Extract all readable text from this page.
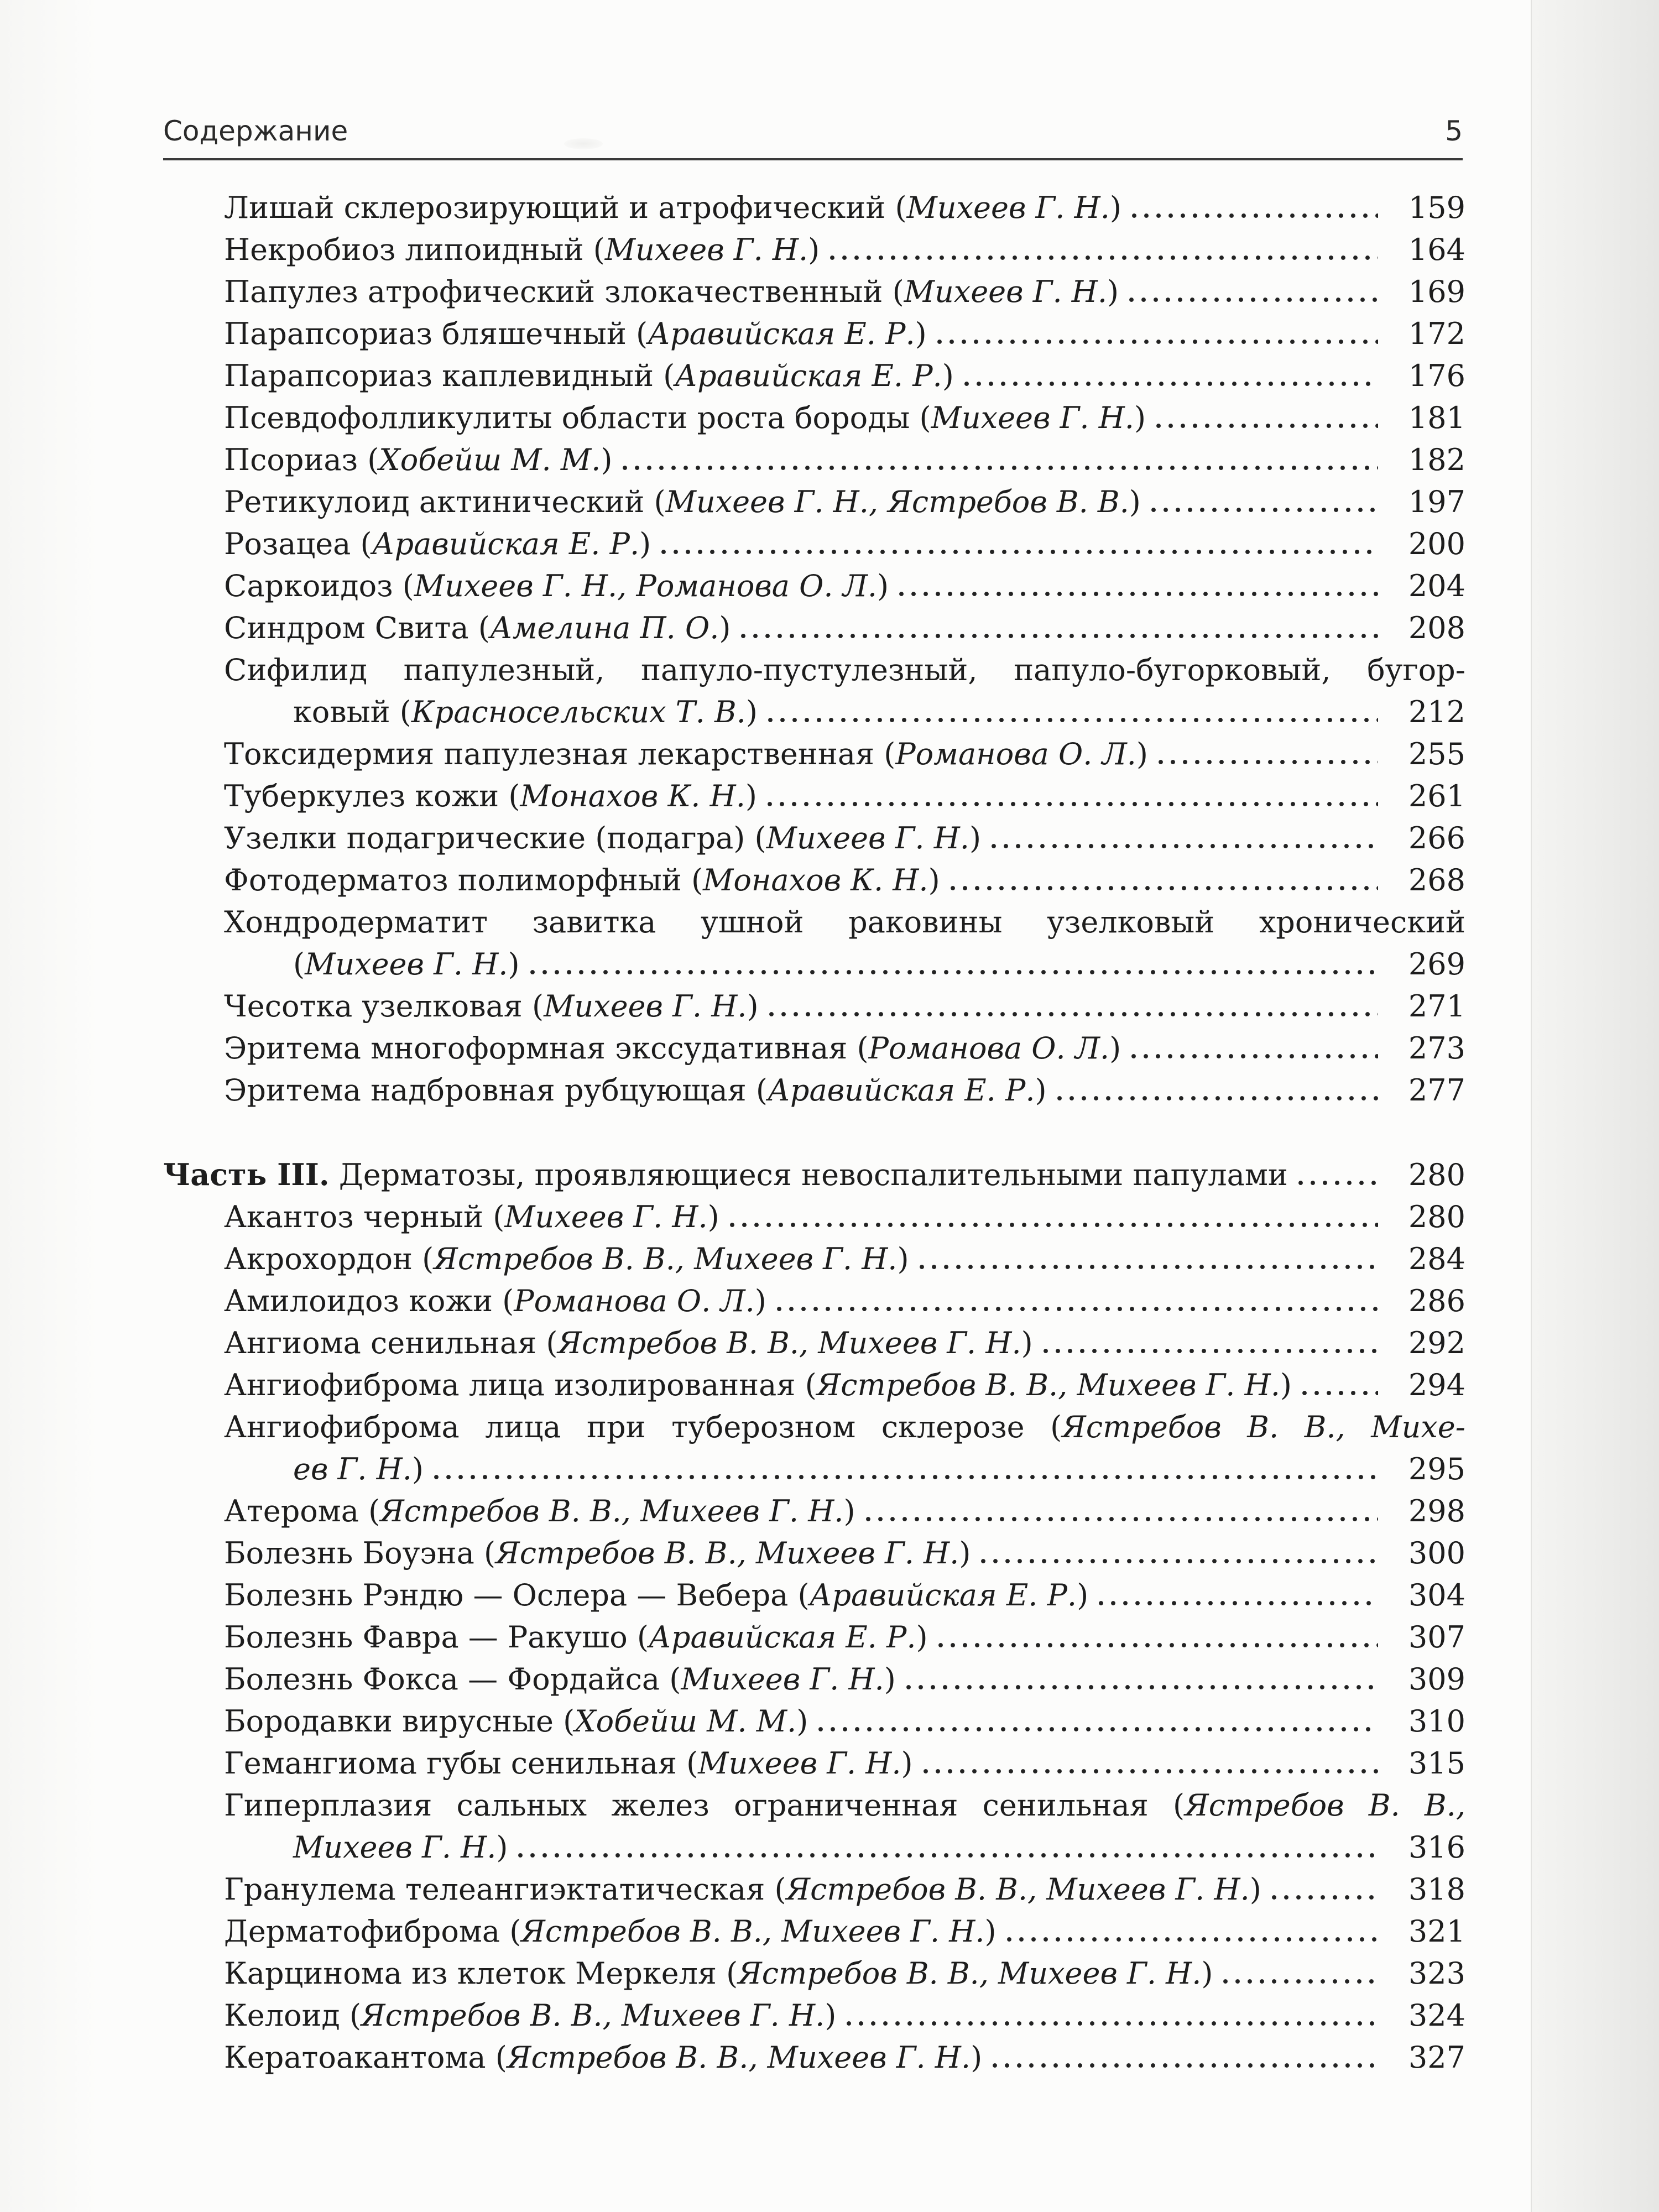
Содержание	5
Лишай склерозирующий и атрофический (Михеев Г. Н.)	159
Некробиоз липоидный (Михеев Г. Н.)	164
Папулез атрофический злокачественный (Михеев Г. Н.)	169
Парапсориаз бляшечный (Аравийская Е. Р.)	172
Парапсориаз каплевидный (Аравийская Е. Р.)	176
Псевдофолликулиты области роста бороды (Михеев Г. Н.)	181
Псориаз (Хобейш М. М.)	182
Ретикулоид актинический (Михеев Г. Н., Ястребов В. В.)	197
Розацеа (Аравийская Е. Р.)	200
Саркоидоз (Михеев Г. Н., Романова О. Л.)	204
Синдром Свита (Амелина П. О.)	208
Сифилид папулезный, папуло-пустулезный, папуло-бугорковый, бугор-
ковый (Красносельских Т. В.)	212
Токсидермия папулезная лекарственная (Романова О. Л.)	255
Туберкулез кожи (Монахов К. Н.)	261
Узелки подагрические (подагра) (Михеев Г. Н.)	266
Фотодерматоз полиморфный (Монахов К. Н.)	268
Хондродерматит завитка ушной раковины узелковый хронический
(Михеев Г. Н.)	269
Чесотка узелковая (Михеев Г. Н.)	271
Эритема многоформная экссудативная (Романова О. Л.)	273
Эритема надбровная рубцующая (Аравийская Е. Р.)	277
Часть III. Дерматозы, проявляющиеся невоспалительными папулами	280
Акантоз черный (Михеев Г. Н.)	280
Акрохордон (Ястребов В. В., Михеев Г. Н.)	284
Амилоидоз кожи (Романова О. Л.)	286
Ангиома сенильная (Ястребов В. В., Михеев Г. Н.)	292
Ангиофиброма лица изолированная (Ястребов В. В., Михеев Г. Н.)	294
Ангиофиброма лица при туберозном склерозе (Ястребов В. В., Михе-
ев Г. Н.)	295
Атерома (Ястребов В. В., Михеев Г. Н.)	298
Болезнь Боуэна (Ястребов В. В., Михеев Г. Н.)	300
Болезнь Рэндю — Ослера — Вебера (Аравийская Е. Р.)	304
Болезнь Фавра — Ракушо (Аравийская Е. Р.)	307
Болезнь Фокса — Фордайса (Михеев Г. Н.)	309
Бородавки вирусные (Хобейш М. М.)	310
Гемангиома губы сенильная (Михеев Г. Н.)	315
Гиперплазия сальных желез ограниченная сенильная (Ястребов В. В.,
Михеев Г. Н.)	316
Гранулема телеангиэктатическая (Ястребов В. В., Михеев Г. Н.)	318
Дерматофиброма (Ястребов В. В., Михеев Г. Н.)	321
Карцинома из клеток Меркеля (Ястребов В. В., Михеев Г. Н.)	323
Келоид (Ястребов В. В., Михеев Г. Н.)	324
Кератоакантома (Ястребов В. В., Михеев Г. Н.)	327
